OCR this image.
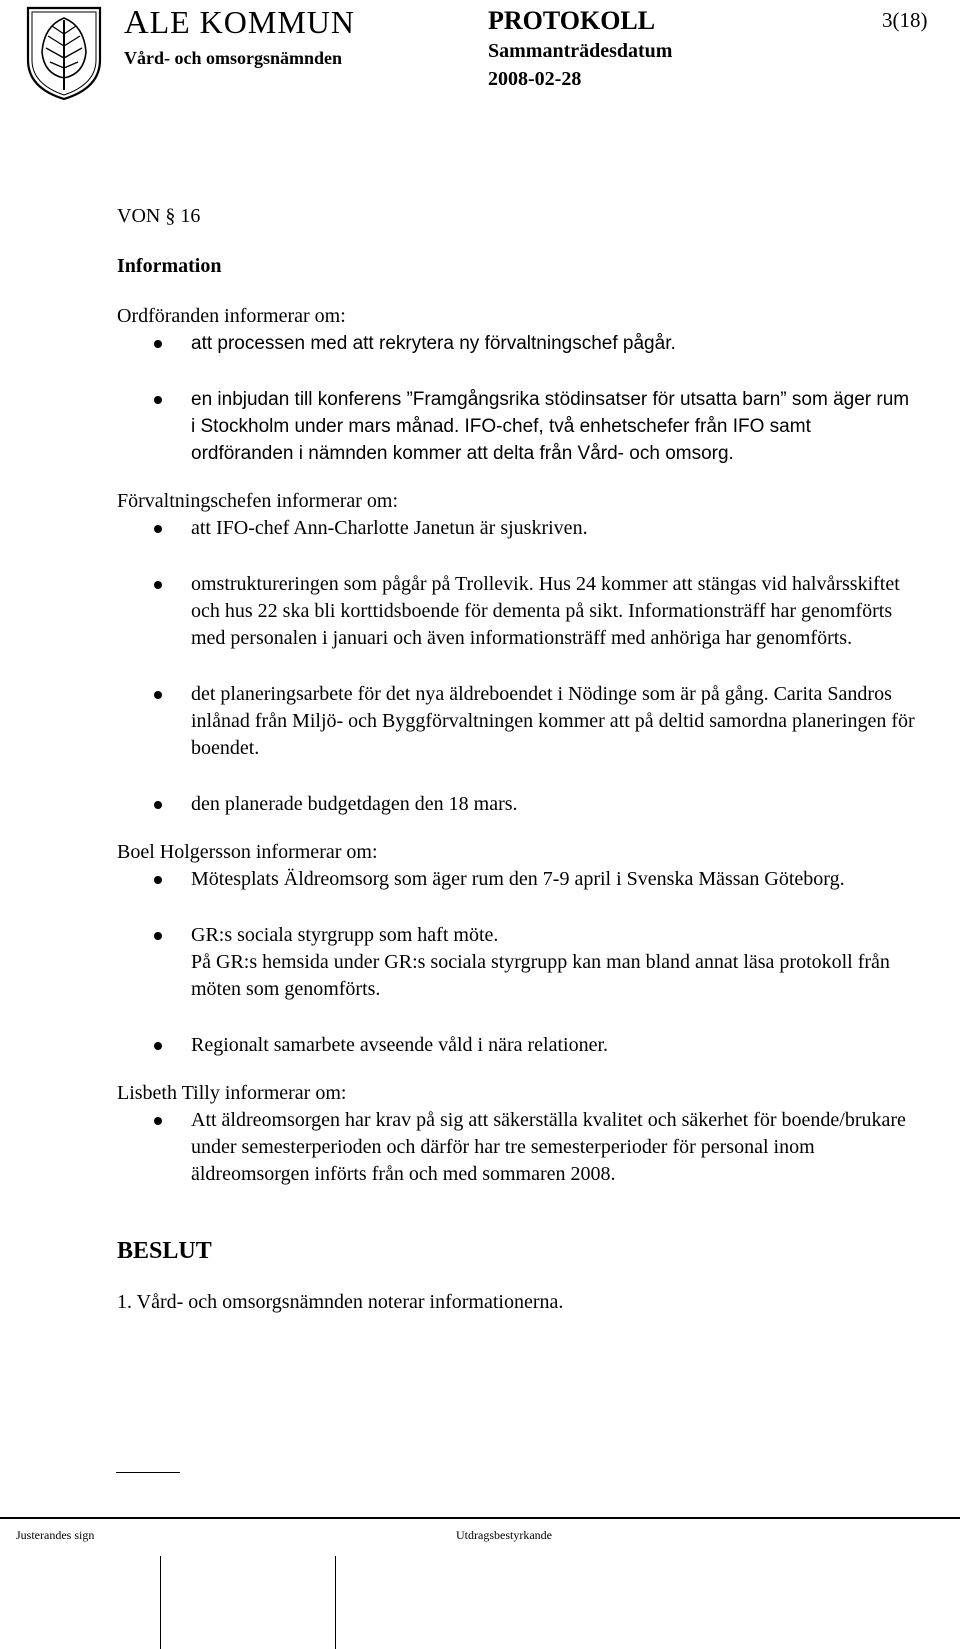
ALE KOMMUN
Vård- och omsorgsnämnden
PROTOKOLL
Sammanträdesdatum
2008-02-28
3(18)

VON § 16

Information

Ordföranden informerar om:

att processen med att rekrytera ny förvaltningschef pågår.
en inbjudan till konferens ”Framgångsrika stödinsatser för utsatta barn” som äger rum i Stockholm under mars månad. IFO-chef, två enhetschefer från IFO samt ordföranden i nämnden kommer att delta från Vård- och omsorg.

Förvaltningschefen informerar om:

att IFO-chef Ann-Charlotte Janetun är sjuskriven.
omstruktureringen som pågår på Trollevik. Hus 24 kommer att stängas vid halvårsskiftet och hus 22 ska bli korttidsboende för dementa på sikt. Informationsträff har genomförts med personalen i januari och även informationsträff med anhöriga har genomförts.
det planeringsarbete för det nya äldreboendet i Nödinge som är på gång. Carita Sandros inlånad från Miljö- och Byggförvaltningen kommer att på deltid samordna planeringen för boendet.
den planerade budgetdagen den 18 mars.

Boel Holgersson informerar om:

Mötesplats Äldreomsorg som äger rum den 7-9 april i Svenska Mässan Göteborg.
GR:s sociala styrgrupp som haft möte.
På GR:s hemsida under GR:s sociala styrgrupp kan man bland annat läsa protokoll från möten som genomförts.
Regionalt samarbete avseende våld i nära relationer.

Lisbeth Tilly informerar om:

Att äldreomsorgen har krav på sig att säkerställa kvalitet och säkerhet för boende/brukare under semesterperioden och därför har tre semesterperioder för personal inom äldreomsorgen införts från och med sommaren 2008.

BESLUT

1. Vård- och omsorgsnämnden noterar informationerna.

Justerandes sign	Utdragsbestyrkande
